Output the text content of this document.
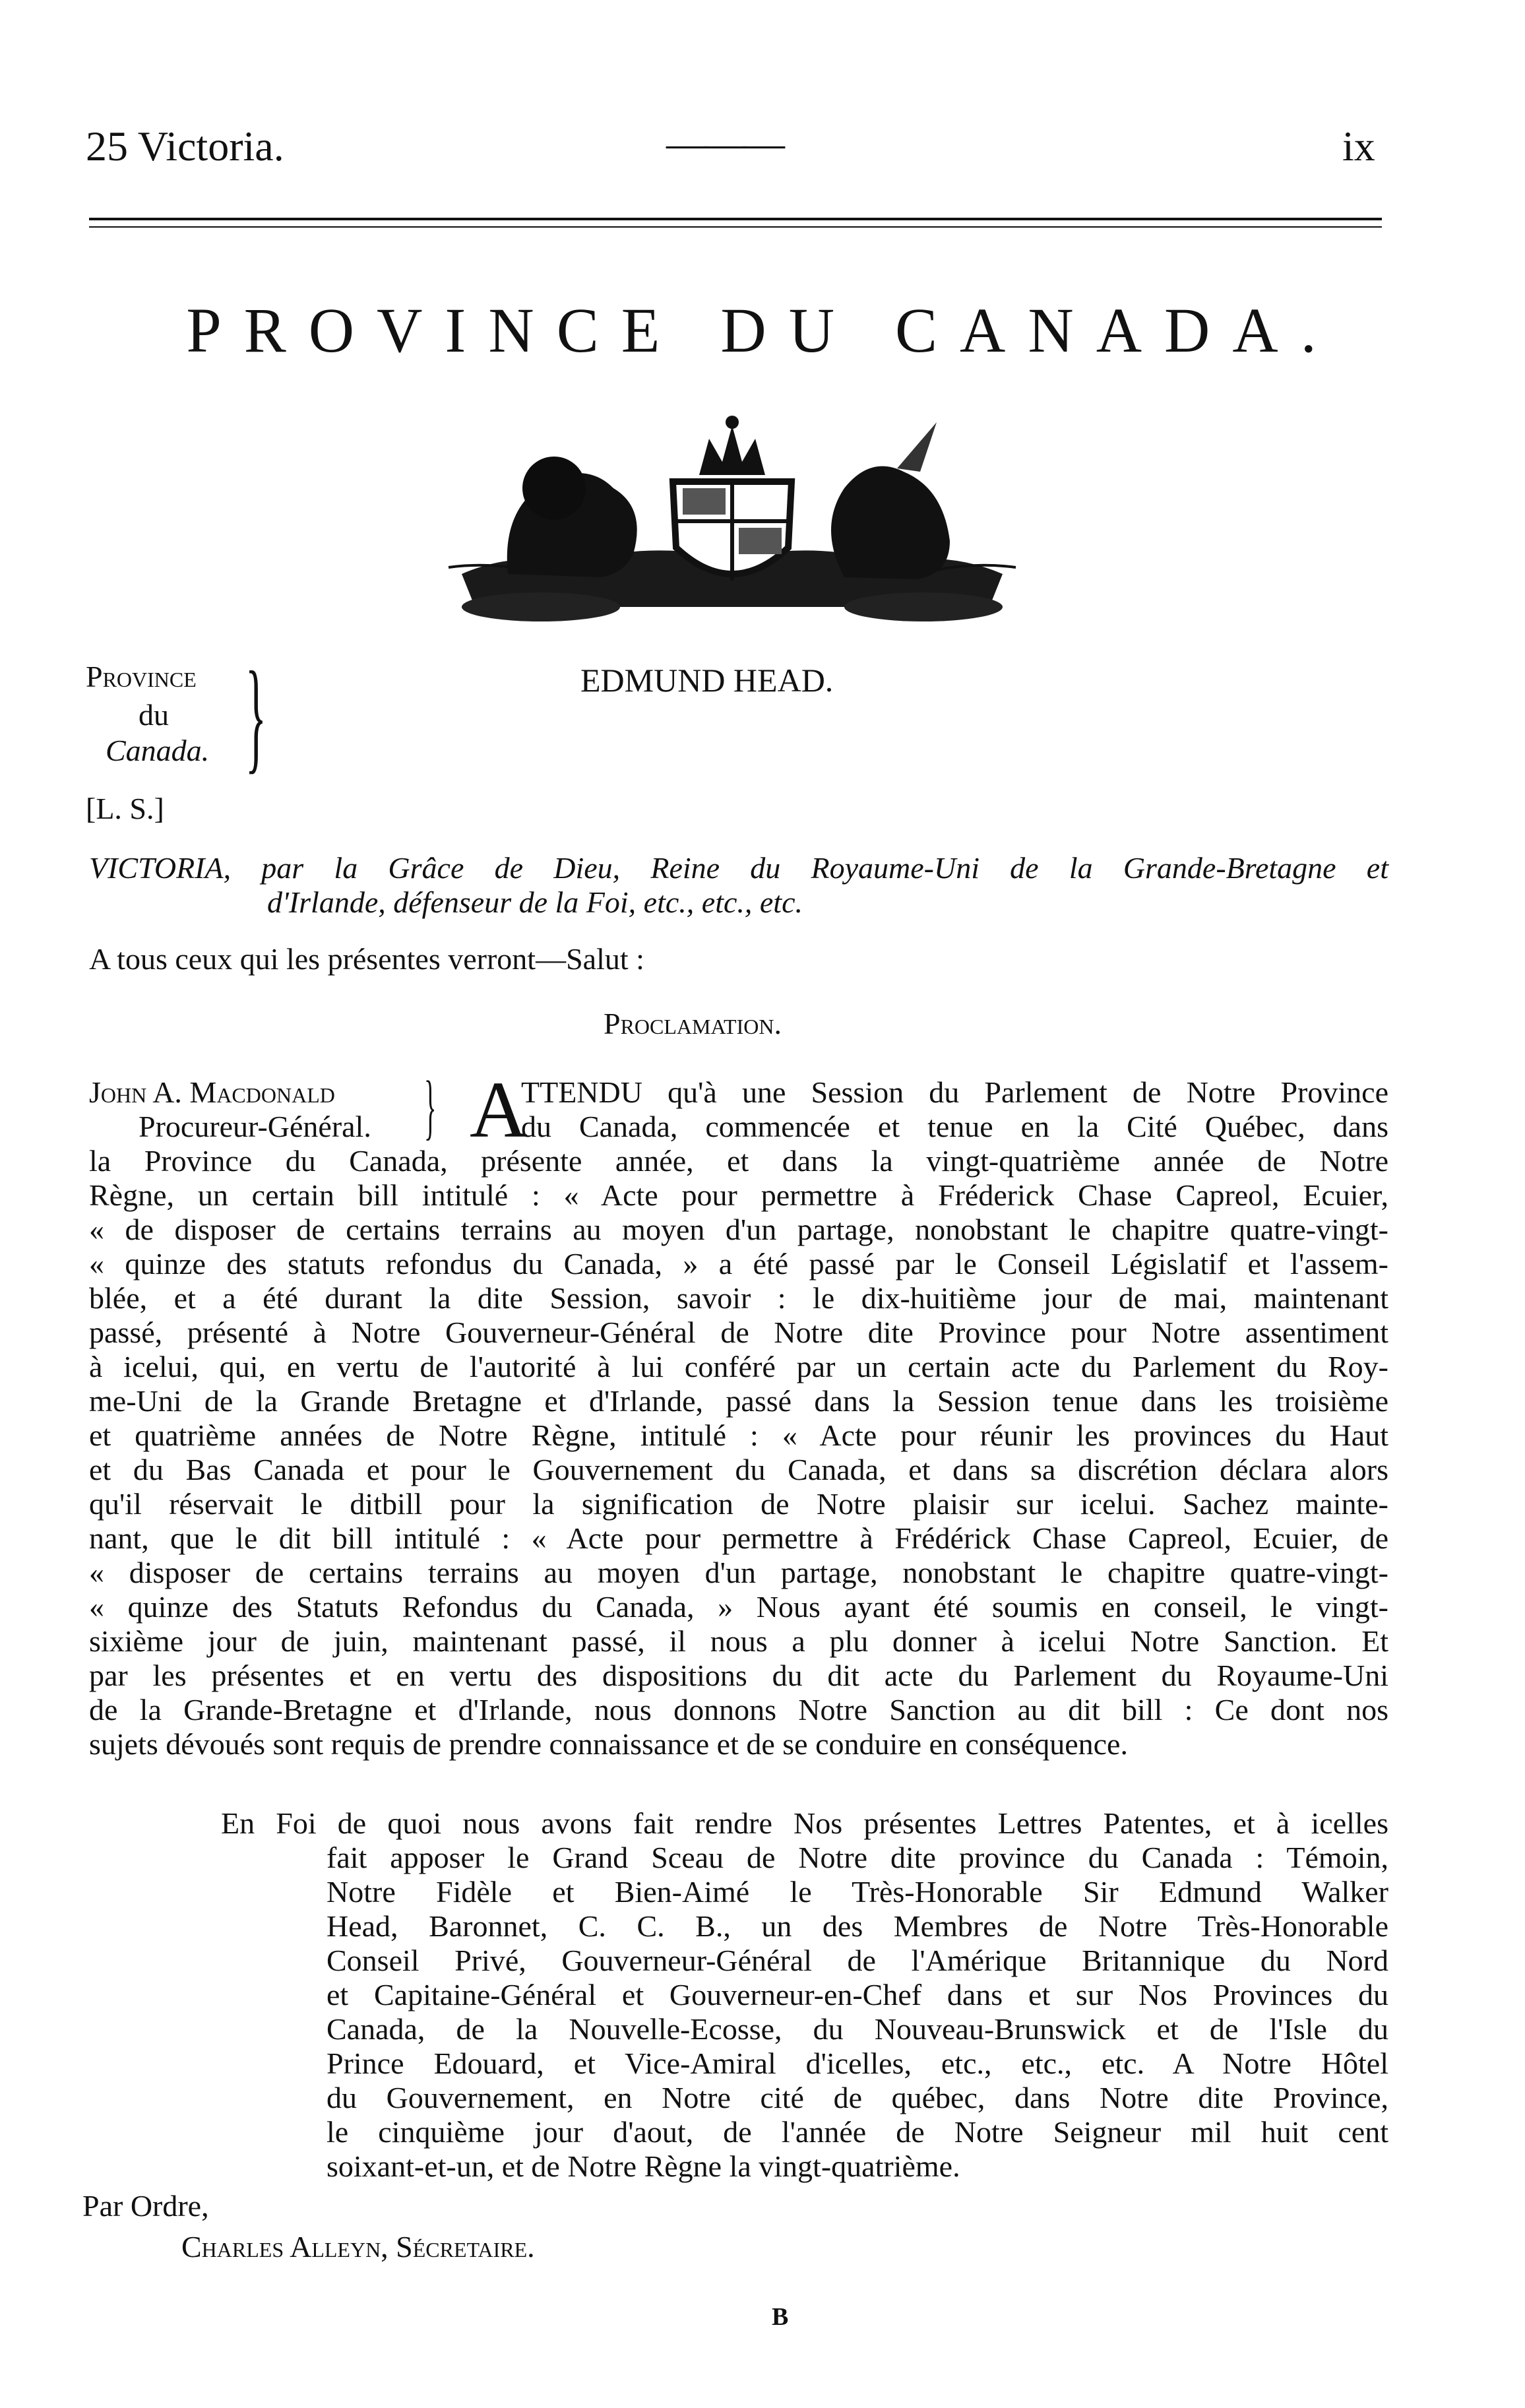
25 Victoria.	———	ix
PROVINCE DU CANADA.
Province
du
Canada. }	EDMUND HEAD.
[L. S.]
VICTORIA, par la Grâce de Dieu, Reine du Royaume-Uni de la Grande-Bretagne et
d'Irlande, défenseur de la Foi, etc., etc., etc.
A tous ceux qui les présentes verront—Salut :
Proclamation.
John A. Macdonald
Procureur-Général. } A
TTENDU qu'à une Session du Parlement de Notre Province
du Canada, commencée et tenue en la Cité Québec, dans
la Province du Canada, présente année, et dans la vingt-quatrième année de Notre
Règne, un certain bill intitulé : « Acte pour permettre à Fréderick Chase Capreol, Ecuier,
« de disposer de certains terrains au moyen d'un partage, nonobstant le chapitre quatre-vingt-
« quinze des statuts refondus du Canada, » a été passé par le Conseil Législatif et l'assem-
blée, et a été durant la dite Session, savoir : le dix-huitième jour de mai, maintenant
passé, présenté à Notre Gouverneur-Général de Notre dite Province pour Notre assentiment
à icelui, qui, en vertu de l'autorité à lui conféré par un certain acte du Parlement du Roy-
me-Uni de la Grande Bretagne et d'Irlande, passé dans la Session tenue dans les troisième
et quatrième années de Notre Règne, intitulé : « Acte pour réunir les provinces du Haut
et du Bas Canada et pour le Gouvernement du Canada, et dans sa discrétion déclara alors
qu'il réservait le ditbill pour la signification de Notre plaisir sur icelui. Sachez mainte-
nant, que le dit bill intitulé : « Acte pour permettre à Frédérick Chase Capreol, Ecuier, de
« disposer de certains terrains au moyen d'un partage, nonobstant le chapitre quatre-vingt-
« quinze des Statuts Refondus du Canada, » Nous ayant été soumis en conseil, le vingt-
sixième jour de juin, maintenant passé, il nous a plu donner à icelui Notre Sanction. Et
par les présentes et en vertu des dispositions du dit acte du Parlement du Royaume-Uni
de la Grande-Bretagne et d'Irlande, nous donnons Notre Sanction au dit bill : Ce dont nos
sujets dévoués sont requis de prendre connaissance et de se conduire en conséquence.
En Foi de quoi nous avons fait rendre Nos présentes Lettres Patentes, et à icelles
fait apposer le Grand Sceau de Notre dite province du Canada : Témoin,
Notre Fidèle et Bien-Aimé le Très-Honorable Sir Edmund Walker
Head, Baronnet, C. C. B., un des Membres de Notre Très-Honorable
Conseil Privé, Gouverneur-Général de l'Amérique Britannique du Nord
et Capitaine-Général et Gouverneur-en-Chef dans et sur Nos Provinces du
Canada, de la Nouvelle-Ecosse, du Nouveau-Brunswick et de l'Isle du
Prince Edouard, et Vice-Amiral d'icelles, etc., etc., etc. A Notre Hôtel
du Gouvernement, en Notre cité de québec, dans Notre dite Province,
le cinquième jour d'aout, de l'année de Notre Seigneur mil huit cent
soixant-et-un, et de Notre Règne la vingt-quatrième.
Par Ordre,
Charles Alleyn, Sécretaire.
B
